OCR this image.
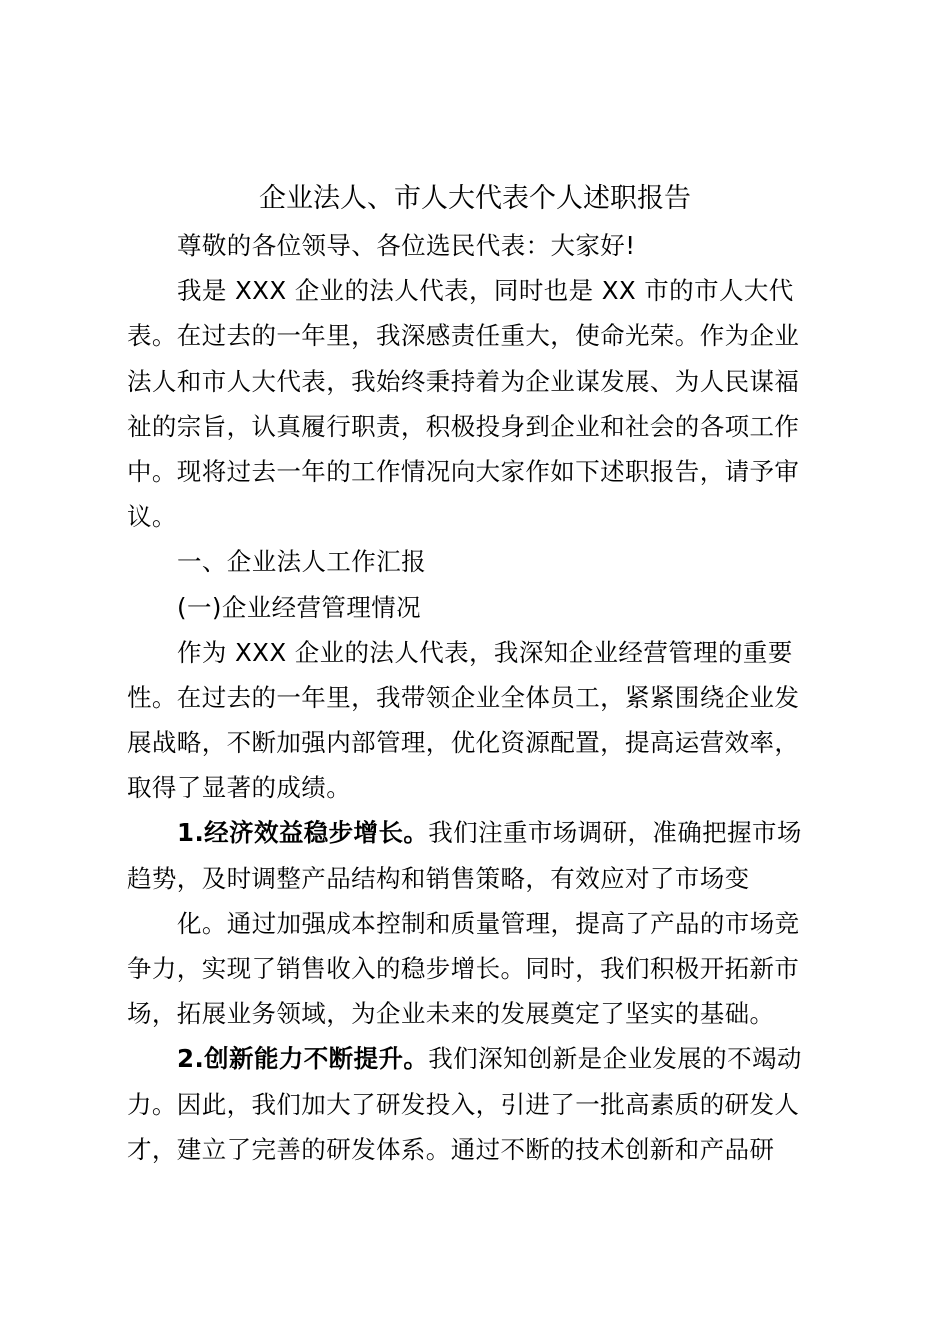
企业法人、市人大代表个人述职报告
尊敬的各位领导、各位选民代表：大家好!
我是 XXX 企业的法人代表，同时也是 XX 市的市人大代
表。在过去的一年里，我深感责任重大，使命光荣。作为企业
法人和市人大代表，我始终秉持着为企业谋发展、为人民谋福
祉的宗旨，认真履行职责，积极投身到企业和社会的各项工作
中。现将过去一年的工作情况向大家作如下述职报告，请予审
议。
一、企业法人工作汇报
(一)企业经营管理情况
作为 XXX 企业的法人代表，我深知企业经营管理的重要
性。在过去的一年里，我带领企业全体员工，紧紧围绕企业发
展战略，不断加强内部管理，优化资源配置，提高运营效率，
取得了显著的成绩。
1.经济效益稳步增长。我们注重市场调研，准确把握市场
趋势，及时调整产品结构和销售策略，有效应对了市场变
化。通过加强成本控制和质量管理，提高了产品的市场竞
争力，实现了销售收入的稳步增长。同时，我们积极开拓新市
场，拓展业务领域，为企业未来的发展奠定了坚实的基础。
2.创新能力不断提升。我们深知创新是企业发展的不竭动
力。因此，我们加大了研发投入，引进了一批高素质的研发人
才，建立了完善的研发体系。通过不断的技术创新和产品研
